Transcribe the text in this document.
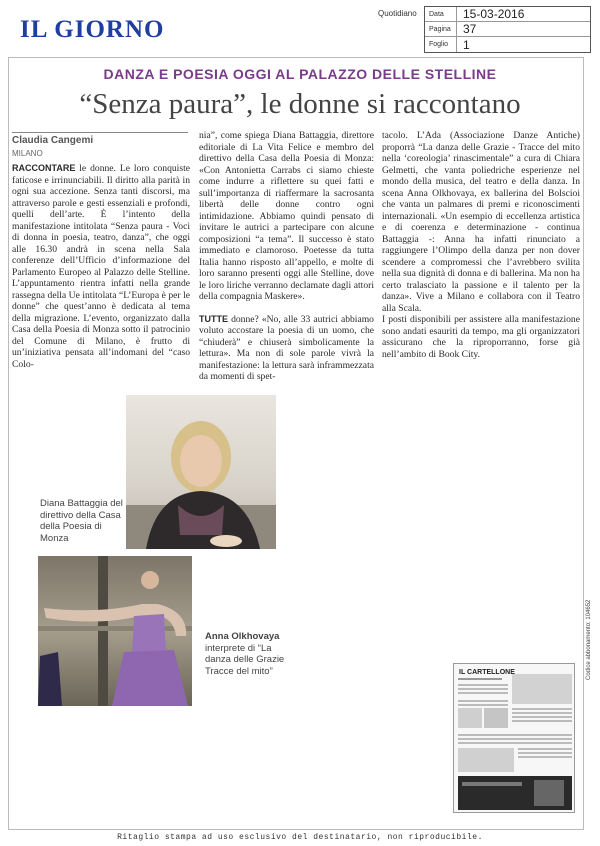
IL GIORNO
Quotidiano	Data	15-03-2016
Pagina	37
Foglio	1
DANZA E POESIA OGGI AL PALAZZO DELLE STELLINE
“Senza paura”, le donne si raccontano
Claudia Cangemi
MILANO

RACCONTARE le donne. Le loro conquiste faticose e irrinunciabili. Il diritto alla parità in ogni sua accezione. Senza tanti discorsi, ma attraverso parole e gesti essenziali e profondi, quelli dell’arte. È l’intento della manifestazione intitolata “Senza paura - Voci di donna in poesia, teatro, danza”, che oggi alle 16.30 andrà in scena nella Sala conferenze dell’Ufficio d’informazione del Parlamento Europeo al Palazzo delle Stelline. L’appuntamento rientra infatti nella grande rassegna della Ue intitolata “L’Europa è per le donne” che quest’anno è dedicata al tema della migrazione. L’evento, organizzato dalla Casa della Poesia di Monza sotto il patrocinio del Comune di Milano, è frutto di un’iniziativa pensata all’indomani del “caso Colo-

nia”, come spiega Diana Battaggia, direttore editoriale di La Vita Felice e membro del direttivo della Casa della Poesia di Monza: «Con Antonietta Carrabs ci siamo chieste come indurre a riflettere su quei fatti e sull’importanza di riaffermare la sacrosanta libertà delle donne contro ogni intimidazione. Abbiamo quindi pensato di invitare le autrici a partecipare con alcune composizioni “a tema”. Il successo è stato immediato e clamoroso. Poetesse da tutta Italia hanno risposto all’appello, e molte di loro saranno presenti oggi alle Stelline, dove le loro liriche verranno declamate dagli attori della compagnia Maskere».

TUTTE donne? «No, alle 33 autrici abbiamo voluto accostare la poesia di un uomo, che “chiuderà” e chiuserà simbolicamente la lettura». Ma non di sole parole vivrà la manifestazione: la lettura sarà inframmezzata da momenti di spet-

tacolo. L’Ada (Associazione Danze Antiche) proporrà “La danza delle Grazie - Tracce del mito nella ‘coreologia’ rinascimentale” a cura di Chiara Gelmetti, che vanta poliedriche esperienze nel mondo della musica, del teatro e della danza. In scena Anna Olkhovaya, ex ballerina del Bolscioi che vanta un palmares di premi e riconoscimenti internazionali. «Un esempio di eccellenza artistica e di coerenza e determinazione - continua Battaggia -: Anna ha infatti rinunciato a raggiungere l’Olimpo della danza per non dover scendere a compromessi che l’avrebbero svilita nella sua dignità di donna e di ballerina. Ma non ha certo tralasciato la passione e il talento per la danza». Vive a Milano e collabora con il Teatro alla Scala.

I posti disponibili per assistere alla manifestazione sono andati esauriti da tempo, ma gli organizzatori assicurano che la riproporranno, forse già nell’ambito di Book City.

Diana Battaggia del direttivo della Casa della Poesia di Monza
Anna Olkhovaya
interprete di “La danza delle Grazie Tracce del mito”	IL CARTELLONE	Codice abbonamento: 104652
Ritaglio stampa ad uso esclusivo del destinatario, non riproducibile.
